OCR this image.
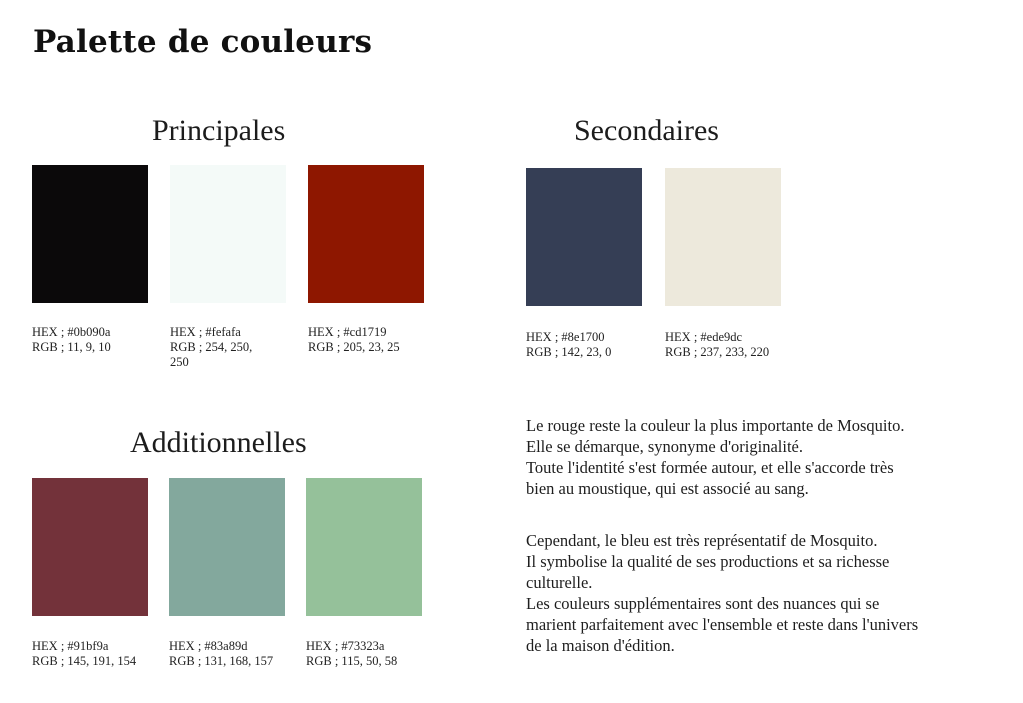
Palette de couleurs
Principales
HEX ; #0b090a
RGB ; 11, 9, 10
HEX ; #fefafa
RGB ; 254, 250,
250
HEX ; #cd1719
RGB ; 205, 23, 25
Secondaires
HEX ; #8e1700
RGB ; 142, 23, 0
HEX ; #ede9dc
RGB ; 237, 233, 220
Additionnelles
HEX ; #91bf9a
RGB ; 145, 191, 154
HEX ; #83a89d
RGB ; 131, 168, 157
HEX ; #73323a
RGB ; 115, 50, 58
Le rouge reste la couleur la plus importante de Mosquito.
Elle se démarque, synonyme d'originalité.
Toute l'identité s'est formée autour, et elle s'accorde très
bien au moustique, qui est associé au sang.
Cependant, le bleu est très représentatif de Mosquito.
Il symbolise la qualité de ses productions et sa richesse
culturelle.
Les couleurs supplémentaires sont des nuances qui se
marient parfaitement avec l'ensemble et reste dans l'univers
de la maison d'édition.
